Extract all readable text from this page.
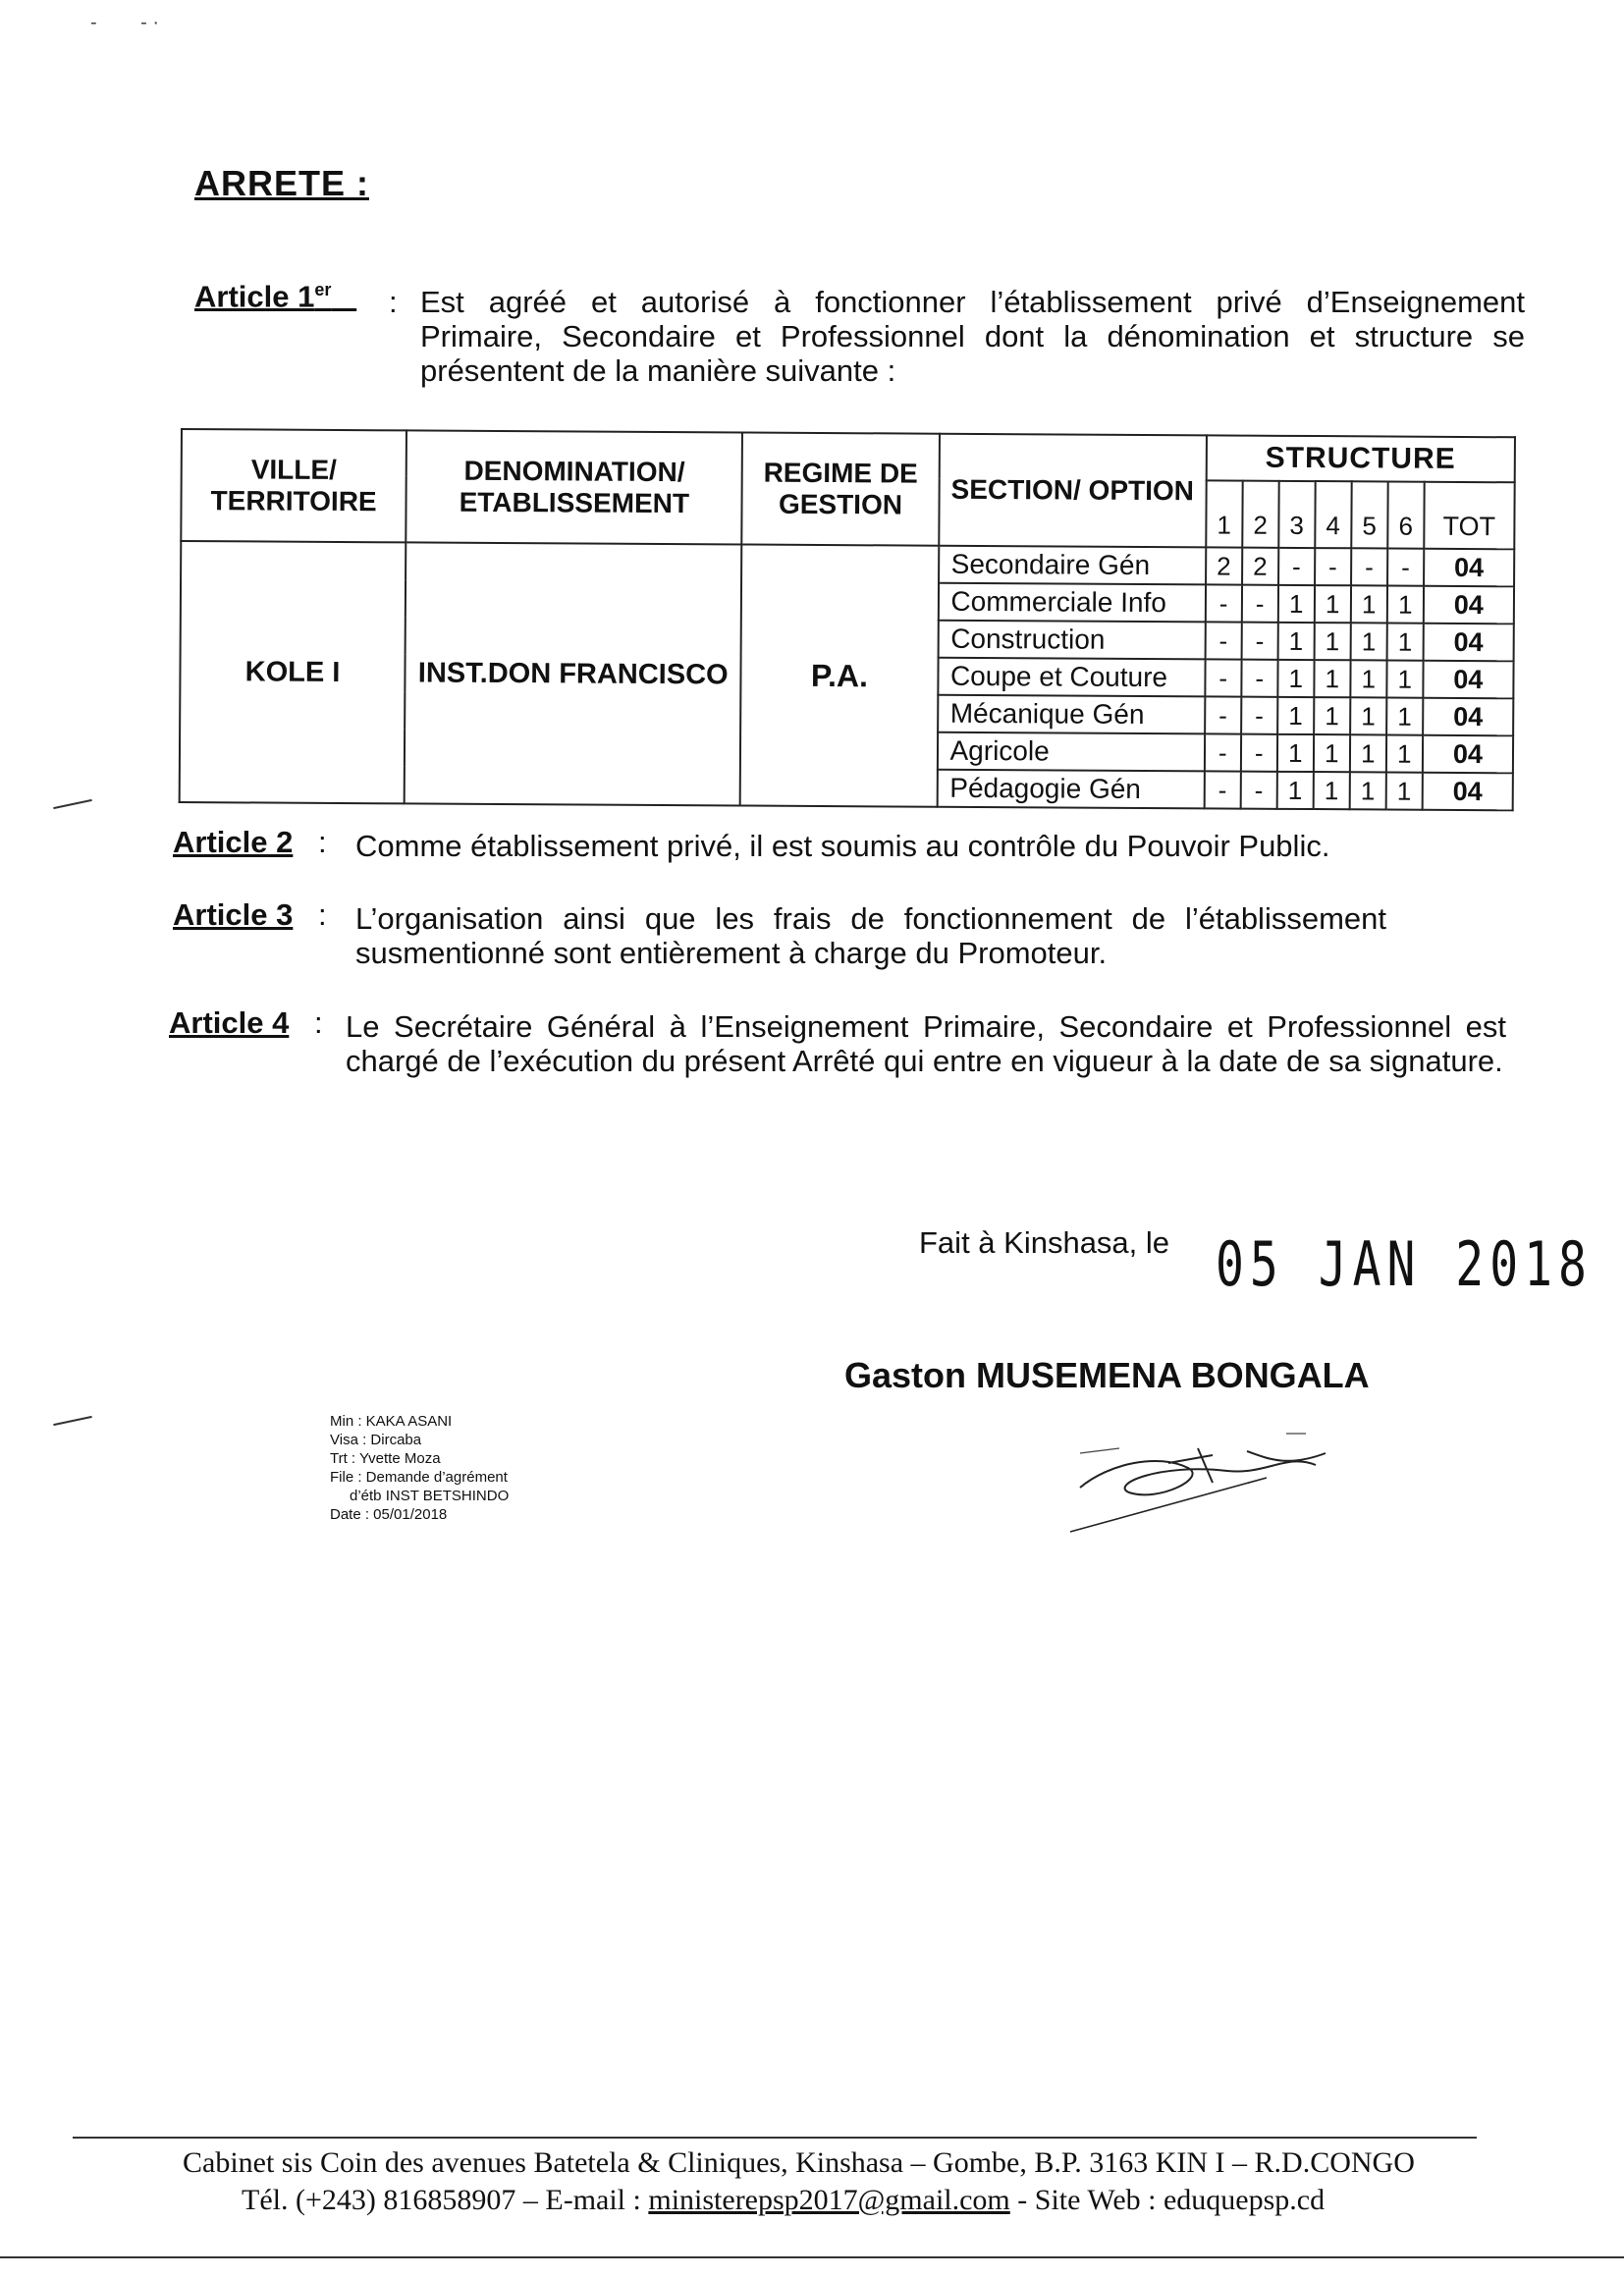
‑        ‐ ·
ARRETE :
Article 1er	Est agréé et autorisé à fonctionner l’établissement privé d’Enseignement Primaire, Secondaire et Professionnel dont la dénomination et structure se présentent de la manière suivante :
:
VILLE/ TERRITOIRE	DENOMINATION/ ETABLISSEMENT	REGIME DE GESTION	SECTION/ OPTION	STRUCTURE						
				1	2	3	4	5	6	TOT
KOLE I	INST.DON FRANCISCO	P.A.	Secondaire Gén	2	2	-	-	-	-	04
			Commerciale Info	-	-	1	1	1	1	04
			Construction	-	-	1	1	1	1	04
			Coupe et Couture	-	-	1	1	1	1	04
			Mécanique Gén	-	-	1	1	1	1	04
			Agricole	-	-	1	1	1	1	04
			Pédagogie Gén	-	-	1	1	1	1	04
Article 2 : Comme établissement privé, il est soumis au contrôle du Pouvoir Public.
Article 3 : L’organisation ainsi que les frais de fonctionnement de l’établissement susmentionné sont entièrement à charge du Promoteur.
Article 4 : Le Secrétaire Général à l’Enseignement Primaire, Secondaire et Professionnel est chargé de l’exécution du présent Arrêté qui entre en vigueur à la date de sa signature.
Fait à Kinshasa, le 05 JAN 2018
Gaston MUSEMENA BONGALA
Min : KAKA ASANI
Visa : Dircaba
Trt : Yvette Moza
File : Demande d’agrément
d’étb INST BETSHINDO
Date : 05/01/2018
Cabinet sis Coin des avenues Batetela & Cliniques, Kinshasa – Gombe, B.P. 3163 KIN I – R.D.CONGO
Tél. (+243) 816858907 – E-mail : ministerepsp2017@gmail.com - Site Web : eduquepsp.cd
